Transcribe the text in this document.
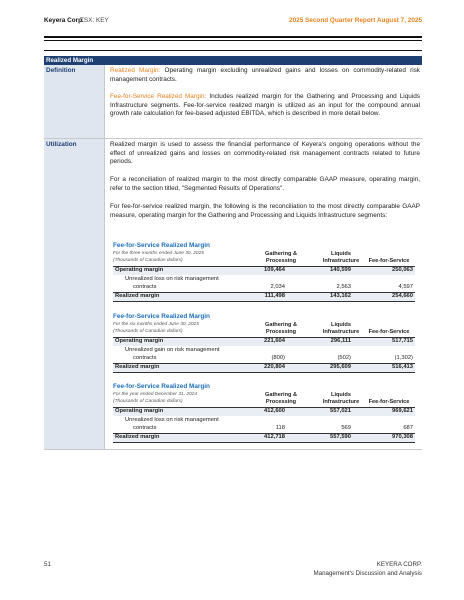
Keyera Corp.
TSX: KEY	2025 Second Quarter Report August 7, 2025
Realized Margin
Definition	Realized Margin: Operating margin excluding unrealized gains and losses on commodity-related risk management contracts.
Fee-for-Service Realized Margin: Includes realized margin for the Gathering and Processing and Liquids Infrastructure segments. Fee-for-service realized margin is utilized as an input for the compound annual growth rate calculation for fee-based adjusted EBITDA, which is described in more detail below.
Utilization	Realized margin is used to assess the financial performance of Keyera's ongoing operations without the effect of unrealized gains and losses on commodity-related risk management contracts related to future periods.
For a reconciliation of realized margin to the most directly comparable GAAP measure, operating margin, refer to the section titled, "Segmented Results of Operations".
For fee-for-service realized margin, the following is the reconciliation to the most directly comparable GAAP measure, operating margin for the Gathering and Processing and Liquids Infrastructure segments:
Fee-for-Service Realized Margin
For the three months ended June 30, 2025
(Thousands of Canadian dollars)
Gathering &
Processing
Liquids
Infrastructure	Fee-for-Service
Operating margin	109,464	140,599	250,063
Unrealized loss on risk management
contracts	2,034	2,563	4,597
Realized margin	111,498	143,162	254,660
Fee-for-Service Realized Margin
For the six months ended June 30, 2025
(Thousands of Canadian dollars)
Gathering &
Processing
Liquids
Infrastructure	Fee-for-Service
Operating margin	221,604	296,111	517,715
Unrealized gain on risk management
contracts	(800)	(502)	(1,302)
Realized margin	220,804	295,609	516,413
Fee-for-Service Realized Margin
For the year ended December 31, 2024
(Thousands of Canadian dollars)
Gathering &
Processing
Liquids
Infrastructure	Fee-for-Service
Operating margin	412,600	557,021	969,621
Unrealized loss on risk management
contracts	118	569	687
Realized margin	412,718	557,590	970,308
51	KEYERA CORP.
Management's Discussion and Analysis
